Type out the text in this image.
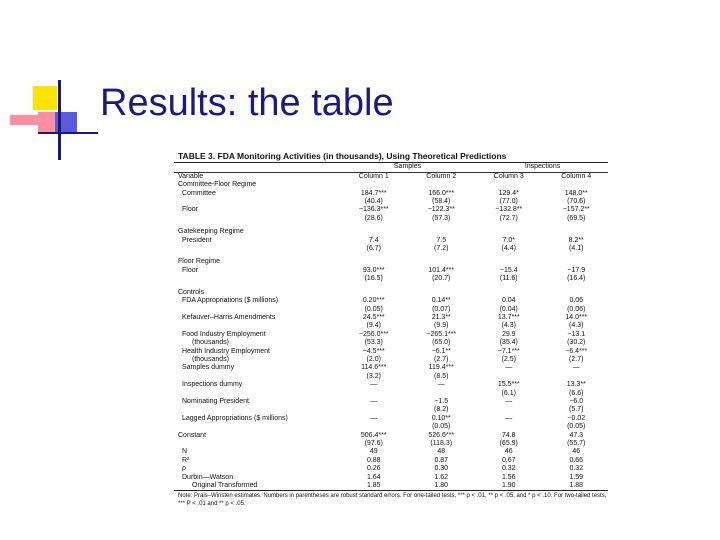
Results: the table
TABLE 3. FDA Monitoring Activities (in thousands), Using Theoretical Predictions
	Samples	Inspections
Variable	Column 1	Column 2	Column 3	Column 4
Committee-Floor Regime				
Committee	184.7***	166.0***	129.4*	148.0**
	(40.4)	(58.4)	(77.0)	(70.6)
Floor	−136.3***	−122.3**	−132.8**	−157.2**
	(28.6)	(57.3)	(72.7)	(69.5)

Gatekeeping Regime				
President	7.4	7.5	7.0*	8.2**
	(6.7)	(7.2)	(4.4)	(4.1)

Floor Regime				
Floor	93.0***	101.4***	−15.4	−17.9
	(16.5)	(20.7)	(11.6)	(16.4)

Controls				
FDA Appropriations ($ millions)	0.20***	0.14**	0.04	0.06
	(0.05)	(0.07)	(0.04)	(0.06)
Kefauver–Harris Amendments	24.5***	21.3**	13.7***	14.0***
	(9.4)	(9.9)	(4.3)	(4.3)
Food Industry Employment	−256.0***	−265.1***	29.9	−13.1
(thousands)	(53.3)	(65.0)	(35.4)	(30.2)
Health Industry Employment	−4.5***	−6.1**	−7.1***	−6.4***
(thousands)	(2.0)	(2.7)	(2.5)	(2.7)
Samples dummy	114.6***	119.4***	—	—
	(3.2)	(8.5)		
Inspections dummy	—	—	15.5***	13.3**
			(6.1)	(6.6)
Nominating President	—	−1.5	—	−6.0
		(8.2)		(5.7)
Lagged Appropriations ($ millions)	—	0.10**	—	−0.02
		(0.05)		(0.05)
Constant	506.4***	526.6***	74.8	47.3
	(97.6)	(118.3)	(65.9)	(55.7)
N	49	48	46	46
R²	0.88	0.87	0.67	0.66
ρ	0.26	0.30	0.32	0.32
Durbin—Watson	1.64	1.62	1.56	1.59
Original Transformed	1.85	1.80	1.90	1.88
Note: Prais–Winsten estimates. Numbers in parentheses are robust standard errors. For one-tailed tests, *** p < .01, ** p < .05, and * p < .10. For two-tailed tests, *** P < .01 and ** p < .05.
